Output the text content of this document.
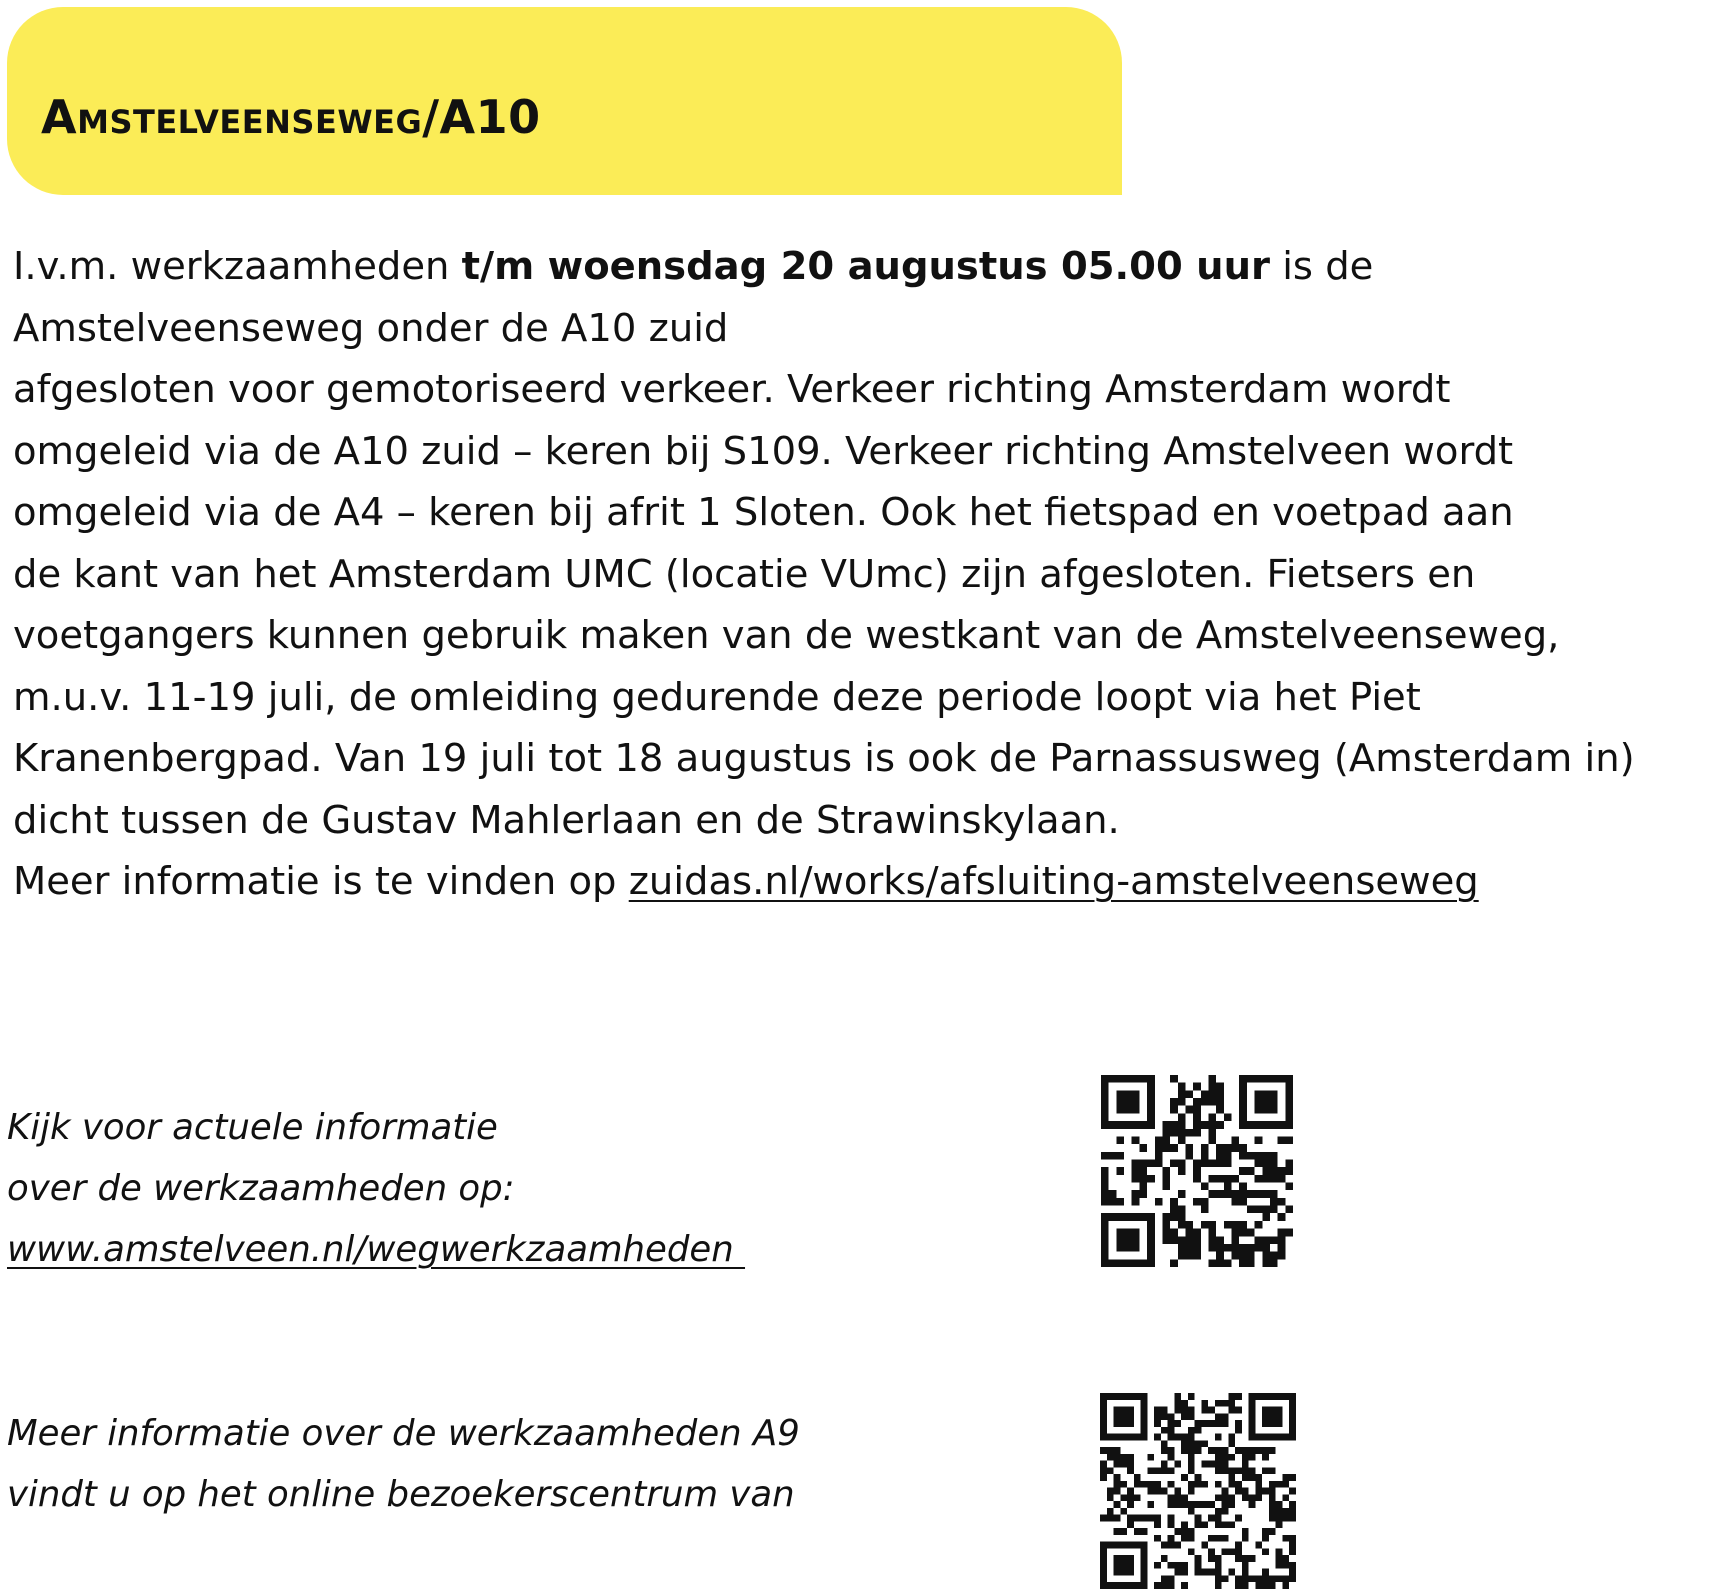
Amstelveenseweg/A10

I.v.m. werkzaamheden t/m woensdag 20 augustus 05.00 uur is de

Amstelveenseweg onder de A10 zuid

afgesloten voor gemotoriseerd verkeer. Verkeer richting Amsterdam wordt

omgeleid via de A10 zuid – keren bij S109. Verkeer richting Amstelveen wordt

omgeleid via de A4 – keren bij afrit 1 Sloten. Ook het fietspad en voetpad aan

de kant van het Amsterdam UMC (locatie VUmc) zijn afgesloten. Fietsers en

voetgangers kunnen gebruik maken van de westkant van de Amstelveenseweg,

m.u.v. 11-19 juli, de omleiding gedurende deze periode loopt via het Piet

Kranenbergpad. Van 19 juli tot 18 augustus is ook de Parnassusweg (Amsterdam in)

dicht tussen de Gustav Mahlerlaan en de Strawinskylaan.

Meer informatie is te vinden op zuidas.nl/works/afsluiting-amstelveenseweg

Kijk voor actuele informatie
over de werkzaamheden op:
www.amstelveen.nl/wegwerkzaamheden
Meer informatie over de werkzaamheden A9
vindt u op het online bezoekerscentrum van
